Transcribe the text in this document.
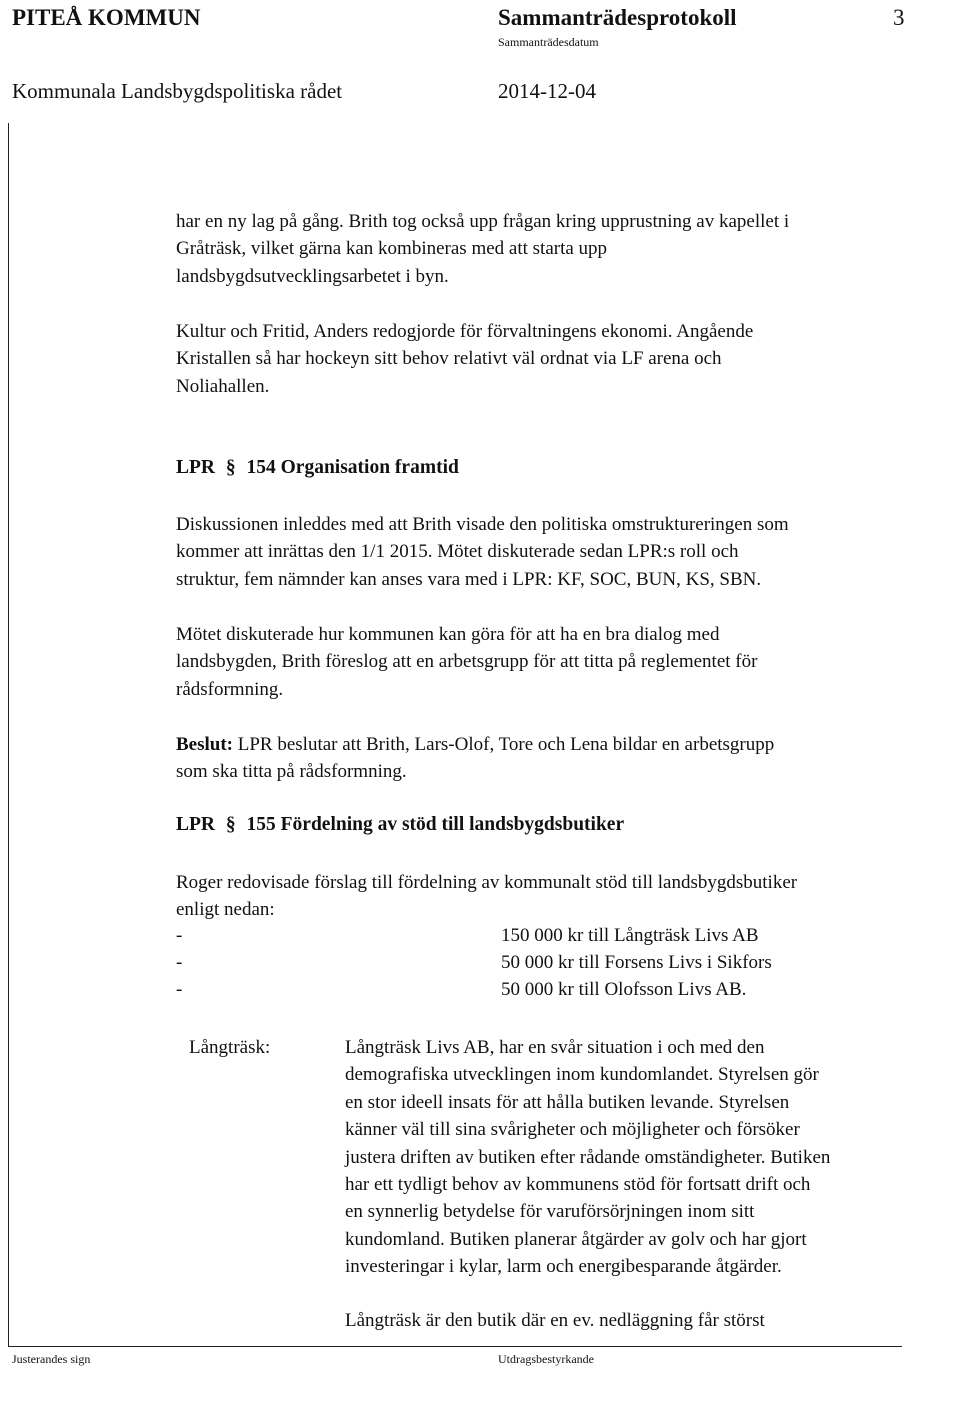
PITEÅ KOMMUN	Sammanträdesprotokoll	3
Sammanträdesdatum
Kommunala Landsbygdspolitiska rådet	2014-12-04
har en ny lag på gång. Brith tog också upp frågan kring upprustning av kapellet i
Gråträsk, vilket gärna kan kombineras med att starta upp
landsbygdsutvecklingsarbetet i byn.
Kultur och Fritid, Anders redogjorde för förvaltningens ekonomi. Angående
Kristallen så har hockeyn sitt behov relativt väl ordnat via LF arena och
Noliahallen.
LPR § 154 Organisation framtid
Diskussionen inleddes med att Brith visade den politiska omstruktureringen som
kommer att inrättas den 1/1 2015. Mötet diskuterade sedan LPR:s roll och
struktur, fem nämnder kan anses vara med i LPR: KF, SOC, BUN, KS, SBN.
Mötet diskuterade hur kommunen kan göra för att ha en bra dialog med
landsbygden, Brith föreslog att en arbetsgrupp för att titta på reglementet för
rådsformning.
Beslut: LPR beslutar att Brith, Lars-Olof, Tore och Lena bildar en arbetsgrupp
som ska titta på rådsformning.
LPR § 155 Fördelning av stöd till landsbygdsbutiker
Roger redovisade förslag till fördelning av kommunalt stöd till landsbygdsbutiker
enligt nedan:
-	150 000 kr till Långträsk Livs AB
-	50 000 kr till Forsens Livs i Sikfors
-	50 000 kr till Olofsson Livs AB.
Långträsk:	Långträsk Livs AB, har en svår situation i och med den
demografiska utvecklingen inom kundomlandet. Styrelsen gör
en stor ideell insats för att hålla butiken levande. Styrelsen
känner väl till sina svårigheter och möjligheter och försöker
justera driften av butiken efter rådande omständigheter. Butiken
har ett tydligt behov av kommunens stöd för fortsatt drift och
en synnerlig betydelse för varuförsörjningen inom sitt
kundomland. Butiken planerar åtgärder av golv och har gjort
investeringar i kylar, larm och energibesparande åtgärder.
Långträsk är den butik där en ev. nedläggning får störst
Justerandes sign	Utdragsbestyrkande
